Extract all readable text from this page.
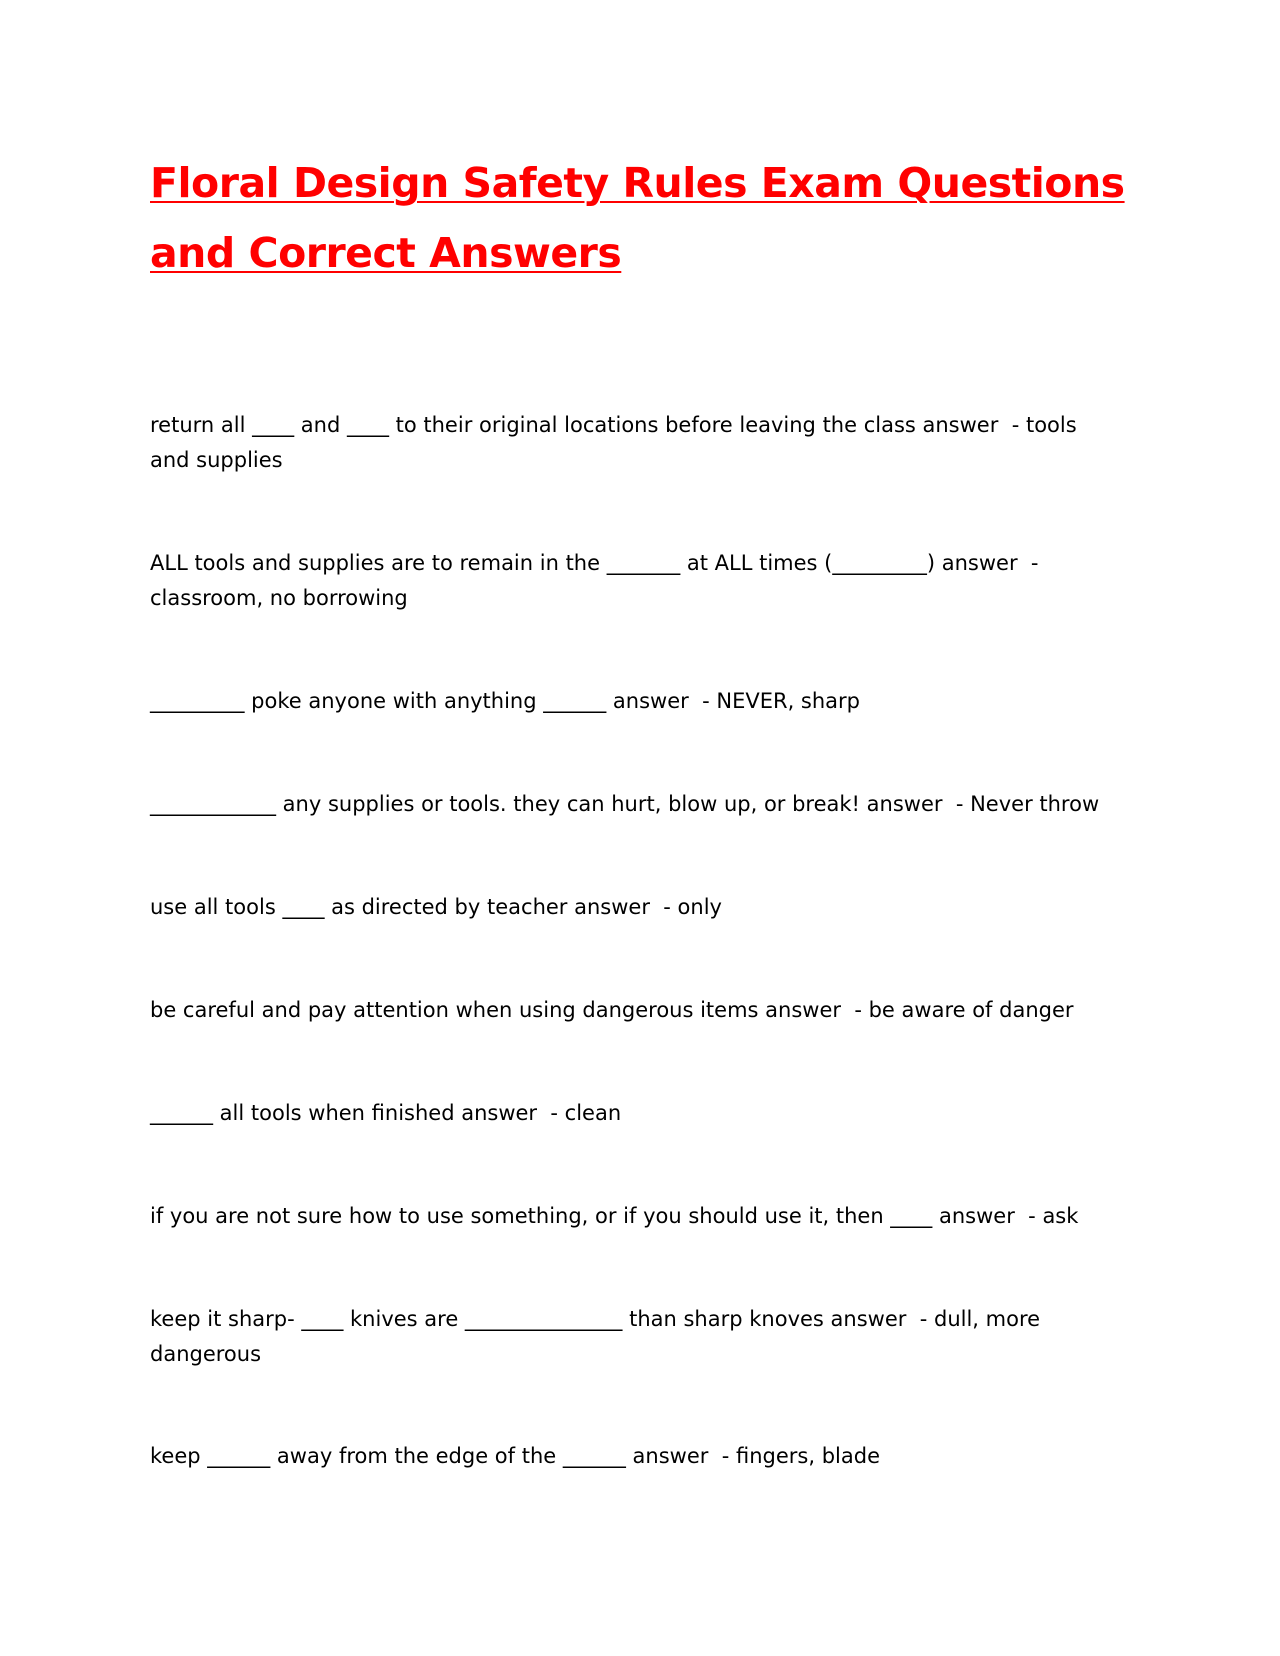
Floral Design Safety Rules Exam Questions and Correct Answers

return all ____ and ____ to their original locations before leaving the class answer  - tools and supplies

ALL tools and supplies are to remain in the _______ at ALL times (_________) answer  - classroom, no borrowing

_________ poke anyone with anything ______ answer  - NEVER, sharp

____________ any supplies or tools. they can hurt, blow up, or break! answer  - Never throw

use all tools ____ as directed by teacher answer  - only

be careful and pay attention when using dangerous items answer  - be aware of danger

______ all tools when finished answer  - clean

if you are not sure how to use something, or if you should use it, then ____ answer  - ask

keep it sharp- ____ knives are _______________ than sharp knoves answer  - dull, more dangerous

keep ______ away from the edge of the ______ answer  - fingers, blade
